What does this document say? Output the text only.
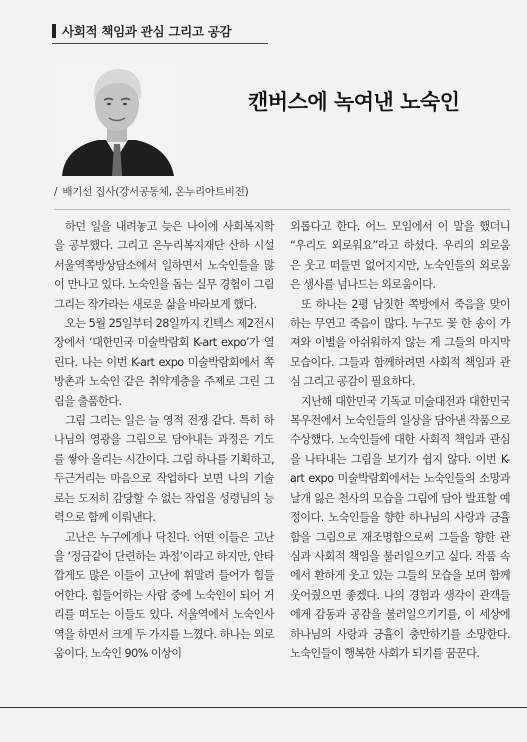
사회적 책임과 관심 그리고 공감
캔버스에 녹여낸 노숙인
/ 배기선 집사(강서공동체, 온누리아트비전)

하던 일을 내려놓고 늦은 나이에 사회복지학을 공부했다. 그리고 온누리복지재단 산하 시설 서울역쪽방상담소에서 일하면서 노숙인들을 많이 만나고 있다. 노숙인을 돕는 실무 경험이 그림 그리는 작가라는 새로운 삶을 바라보게 했다.

오는 5월 25일부터 28일까지 킨텍스 제2전시장에서 ‘대한민국 미술박람회 K-art expo’가 열린다. 나는 이번 K-art expo 미술박람회에서 쪽방촌과 노숙인 같은 취약계층을 주제로 그린 그림을 출품한다.

그림 그리는 일은 늘 영적 전쟁 같다. 특히 하나님의 영광을 그림으로 담아내는 과정은 기도를 쌓아 올리는 시간이다. 그림 하나를 기획하고, 두근거리는 마음으로 작업하다 보면 나의 기술로는 도저히 감당할 수 없는 작업을 성령님의 능력으로 함께 이뤄낸다.

고난은 누구에게나 닥친다. 어떤 이들은 고난을 ‘정금같이 단련하는 과정’이라고 하지만, 안타깝게도 많은 이들이 고난에 휘말려 들어가 힘들어한다. 힘들어하는 사람 중에 노숙인이 되어 거리를 떠도는 이들도 있다. 서울역에서 노숙인사역을 하면서 크게 두 가지를 느꼈다. 하나는 외로움이다. 노숙인 90% 이상이

외롭다고 한다. 어느 모임에서 이 말을 했더니 “우리도 외로워요”라고 하셨다. 우리의 외로움은 웃고 떠들면 없어지지만, 노숙인들의 외로움은 생사를 넘나드는 외로움이다.

또 하나는 2평 남짓한 쪽방에서 죽음을 맞이하는 무연고 죽음이 많다. 누구도 꽃 한 송이 가져와 이별을 아쉬워하지 않는 게 그들의 마지막 모습이다. 그들과 함께하려면 사회적 책임과 관심 그리고 공감이 필요하다.

지난해 대한민국 기독교 미술대전과 대한민국 목우전에서 노숙인들의 일상을 담아낸 작품으로 수상했다. 노숙인들에 대한 사회적 책임과 관심을 나타내는 그림을 보기가 쉽지 않다. 이번 K-art expo 미술박람회에서는 노숙인들의 소망과 날개 잃은 천사의 모습을 그림에 담아 발표할 예정이다. 노숙인들을 향한 하나님의 사랑과 긍휼함을 그림으로 재조명함으로써 그들을 향한 관심과 사회적 책임을 불러일으키고 싶다. 작품 속에서 환하게 웃고 있는 그들의 모습을 보며 함께 웃어줬으면 좋겠다. 나의 경험과 생각이 관객들에게 감동과 공감을 불러일으키기를, 이 세상에 하나님의 사랑과 긍휼이 충만하기를 소망한다. 노숙인들이 행복한 사회가 되기를 꿈꾼다.
